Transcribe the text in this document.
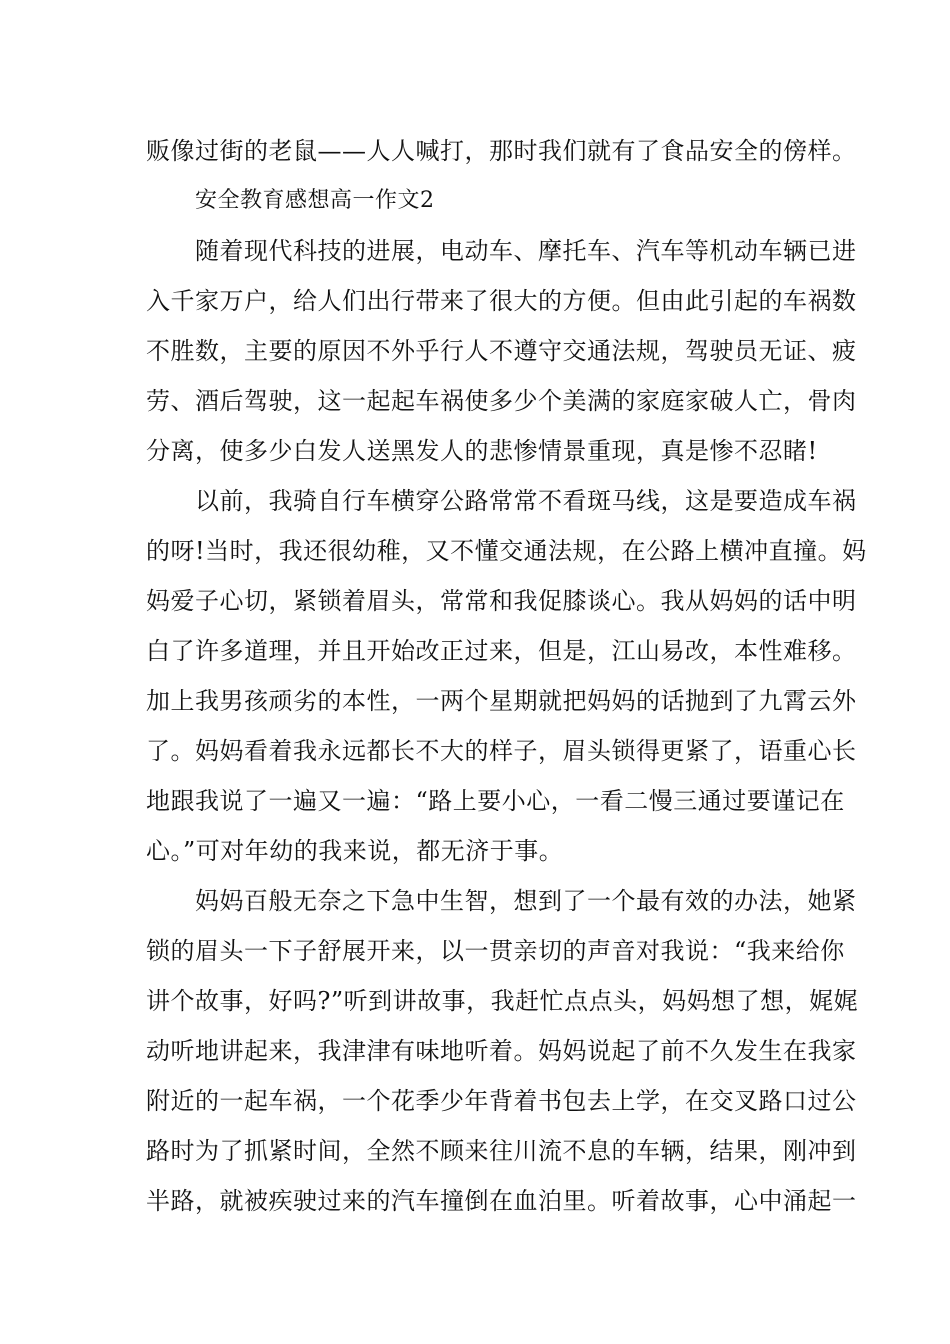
贩像过街的老鼠——人人喊打，那时我们就有了食品安全的傍样。
安全教育感想高一作文2
随着现代科技的进展，电动车、摩托车、汽车等机动车辆已进
入千家万户，给人们出行带来了很大的方便。但由此引起的车祸数
不胜数，主要的原因不外乎行人不遵守交通法规，驾驶员无证、疲
劳、酒后驾驶，这一起起车祸使多少个美满的家庭家破人亡，骨肉
分离，使多少白发人送黑发人的悲惨情景重现，真是惨不忍睹!
以前，我骑自行车横穿公路常常不看斑马线，这是要造成车祸
的呀!当时，我还很幼稚，又不懂交通法规，在公路上横冲直撞。妈
妈爱子心切，紧锁着眉头，常常和我促膝谈心。我从妈妈的话中明
白了许多道理，并且开始改正过来，但是，江山易改，本性难移。
加上我男孩顽劣的本性，一两个星期就把妈妈的话抛到了九霄云外
了。妈妈看着我永远都长不大的样子，眉头锁得更紧了，语重心长
地跟我说了一遍又一遍：“路上要小心，一看二慢三通过要谨记在
心。”可对年幼的我来说，都无济于事。
妈妈百般无奈之下急中生智，想到了一个最有效的办法，她紧
锁的眉头一下子舒展开来，以一贯亲切的声音对我说：“我来给你
讲个故事，好吗?”听到讲故事，我赶忙点点头，妈妈想了想，娓娓
动听地讲起来，我津津有味地听着。妈妈说起了前不久发生在我家
附近的一起车祸，一个花季少年背着书包去上学，在交叉路口过公
路时为了抓紧时间，全然不顾来往川流不息的车辆，结果，刚冲到
半路，就被疾驶过来的汽车撞倒在血泊里。听着故事，心中涌起一
